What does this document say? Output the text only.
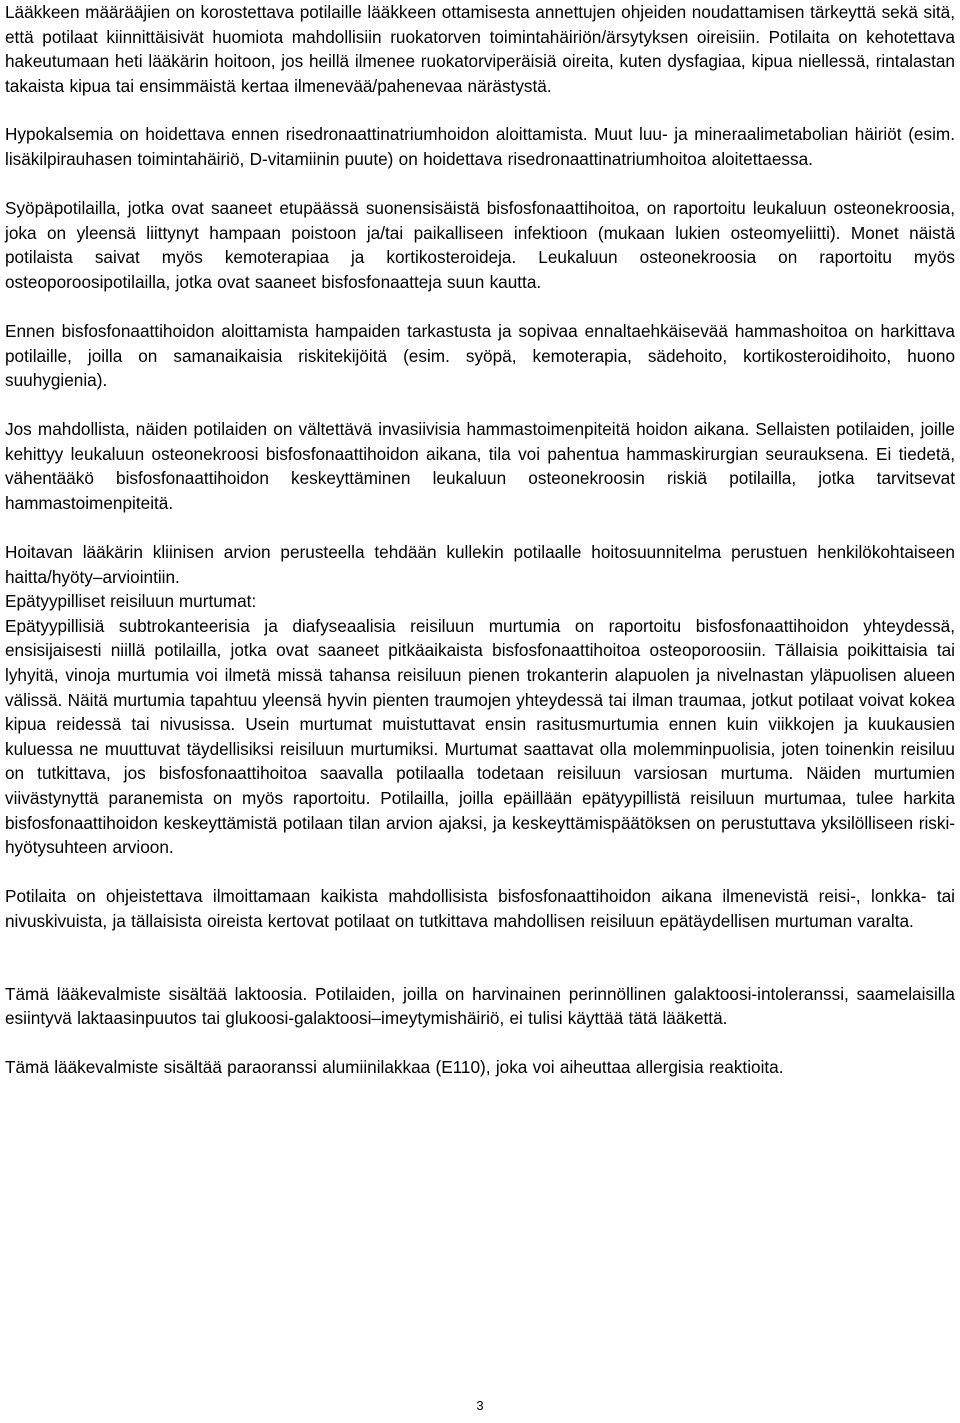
Lääkkeen määrääjien on korostettava potilaille lääkkeen ottamisesta annettujen ohjeiden noudattamisen tärkeyttä sekä sitä, että potilaat kiinnittäisivät huomiota mahdollisiin ruokatorven toimintahäiriön/ärsytyksen oireisiin. Potilaita on kehotettava hakeutumaan heti lääkärin hoitoon, jos heillä ilmenee ruokatorviperäisiä oireita, kuten dysfagiaa, kipua niellessä, rintalastan takaista kipua tai ensimmäistä kertaa ilmenevää/pahenevaa närästystä.

Hypokalsemia on hoidettava ennen risedronaattinatriumhoidon aloittamista. Muut luu- ja mineraalimetabolian häiriöt (esim. lisäkilpirauhasen toimintahäiriö, D-vitamiinin puute) on hoidettava risedronaattinatriumhoitoa aloitettaessa.

Syöpäpotilailla, jotka ovat saaneet etupäässä suonensisäistä bisfosfonaattihoitoa, on raportoitu leukaluun osteonekroosia, joka on yleensä liittynyt hampaan poistoon ja/tai paikalliseen infektioon (mukaan lukien osteomyeliitti). Monet näistä potilaista saivat myös kemoterapiaa ja kortikosteroideja. Leukaluun osteonekroosia on raportoitu myös osteoporoosipotilailla, jotka ovat saaneet bisfosfonaatteja suun kautta.

Ennen bisfosfonaattihoidon aloittamista hampaiden tarkastusta ja sopivaa ennaltaehkäisevää hammashoitoa on harkittava potilaille, joilla on samanaikaisia riskitekijöitä (esim. syöpä, kemoterapia, sädehoito, kortikosteroidihoito, huono suuhygienia).

Jos mahdollista, näiden potilaiden on vältettävä invasiivisia hammastoimenpiteitä hoidon aikana. Sellaisten potilaiden, joille kehittyy leukaluun osteonekroosi bisfosfonaattihoidon aikana, tila voi pahentua hammaskirurgian seurauksena. Ei tiedetä, vähentääkö bisfosfonaattihoidon keskeyttäminen leukaluun osteonekroosin riskiä potilailla, jotka tarvitsevat hammastoimenpiteitä.

Hoitavan lääkärin kliinisen arvion perusteella tehdään kullekin potilaalle hoitosuunnitelma perustuen henkilökohtaiseen haitta/hyöty–arviointiin.

Epätyypilliset reisiluun murtumat:

Epätyypillisiä subtrokanteerisia ja diafyseaalisia reisiluun murtumia on raportoitu bisfosfonaattihoidon yhteydessä, ensisijaisesti niillä potilailla, jotka ovat saaneet pitkäaikaista bisfosfonaattihoitoa osteoporoosiin. Tällaisia poikittaisia tai lyhyitä, vinoja murtumia voi ilmetä missä tahansa reisiluun pienen trokanterin alapuolen ja nivelnastan yläpuolisen alueen välissä. Näitä murtumia tapahtuu yleensä hyvin pienten traumojen yhteydessä tai ilman traumaa, jotkut potilaat voivat kokea kipua reidessä tai nivusissa. Usein murtumat muistuttavat ensin rasitusmurtumia ennen kuin viikkojen ja kuukausien kuluessa ne muuttuvat täydellisiksi reisiluun murtumiksi. Murtumat saattavat olla molemminpuolisia, joten toinenkin reisiluu on tutkittava, jos bisfosfonaattihoitoa saavalla potilaalla todetaan reisiluun varsiosan murtuma. Näiden murtumien viivästynyttä paranemista on myös raportoitu. Potilailla, joilla epäillään epätyypillistä reisiluun murtumaa, tulee harkita bisfosfonaattihoidon keskeyttämistä potilaan tilan arvion ajaksi, ja keskeyttämispäätöksen on perustuttava yksilölliseen riski-hyötysuhteen arvioon.

Potilaita on ohjeistettava ilmoittamaan kaikista mahdollisista bisfosfonaattihoidon aikana ilmenevistä reisi-, lonkka- tai nivuskivuista, ja tällaisista oireista kertovat potilaat on tutkittava mahdollisen reisiluun epätäydellisen murtuman varalta.

Tämä lääkevalmiste sisältää laktoosia. Potilaiden, joilla on harvinainen perinnöllinen galaktoosi-intoleranssi, saamelaisilla esiintyvä laktaasinpuutos tai glukoosi-galaktoosi–imeytymishäiriö, ei tulisi käyttää tätä lääkettä.

Tämä lääkevalmiste sisältää paraoranssi alumiinilakkaa (E110), joka voi aiheuttaa allergisia reaktioita.

3
